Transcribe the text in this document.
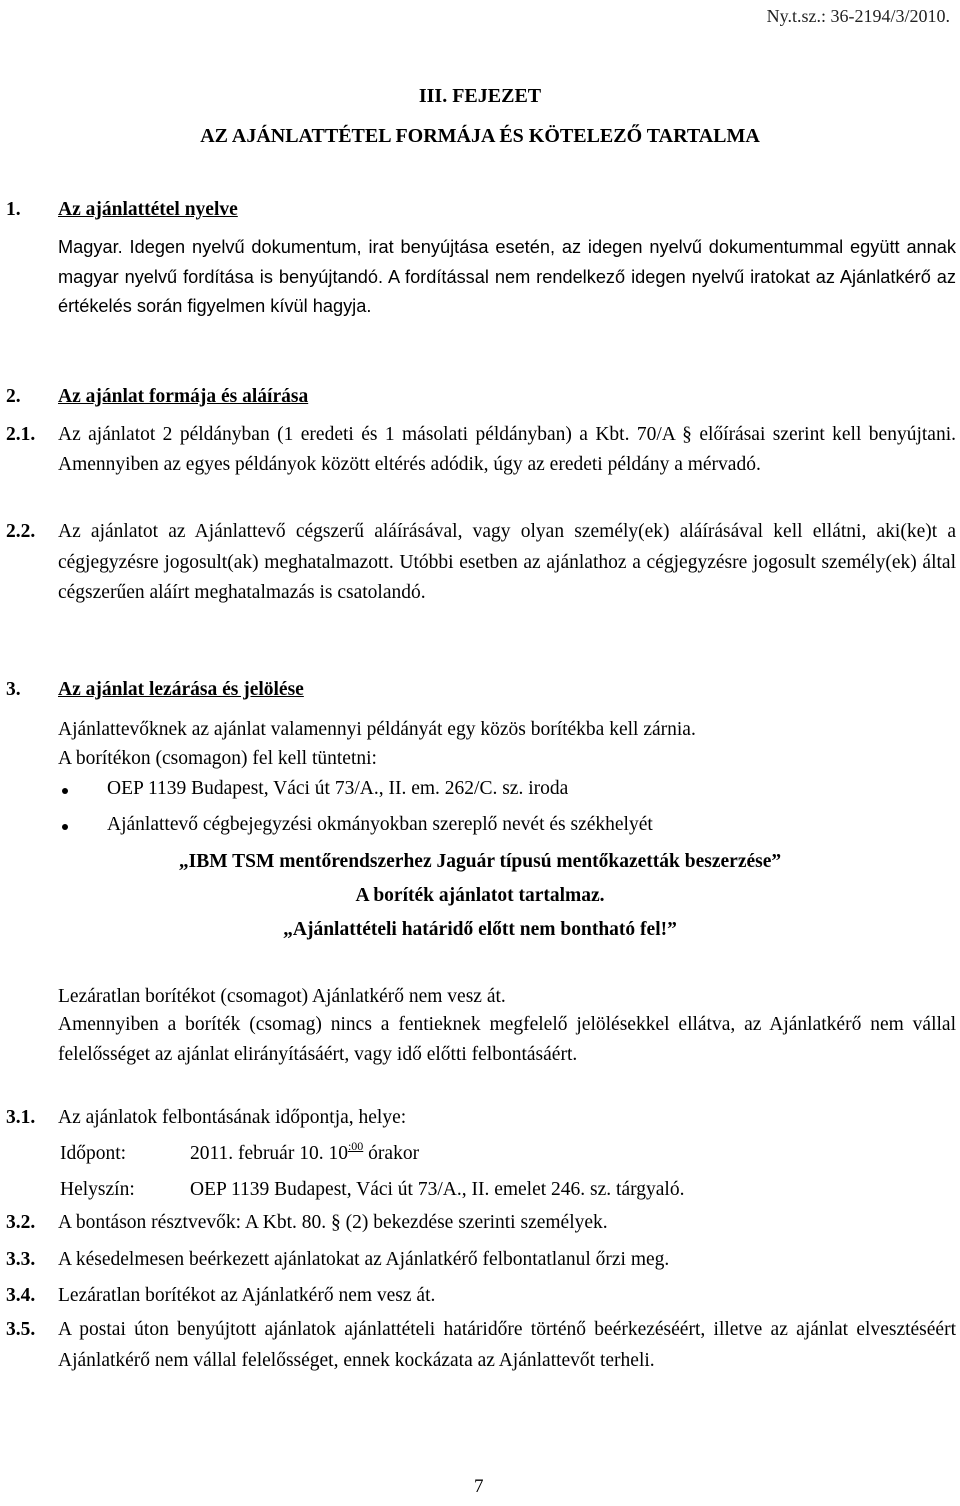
Ny.t.sz.: 36-2194/3/2010.
III. FEJEZET
AZ AJÁNLATTÉTEL FORMÁJA ÉS KÖTELEZŐ TARTALMA
1. Az ajánlattétel nyelve
Magyar. Idegen nyelvű dokumentum, irat benyújtása esetén, az idegen nyelvű dokumentummal együtt annak magyar nyelvű fordítása is benyújtandó. A fordítással nem rendelkező idegen nyelvű iratokat az Ajánlatkérő az értékelés során figyelmen kívül hagyja.
2. Az ajánlat formája és aláírása
2.1. Az ajánlatot 2 példányban (1 eredeti és 1 másolati példányban) a Kbt. 70/A § előírásai szerint kell benyújtani. Amennyiben az egyes példányok között eltérés adódik, úgy az eredeti példány a mérvadó.
2.2. Az ajánlatot az Ajánlattevő cégszerű aláírásával, vagy olyan személy(ek) aláírásával kell ellátni, aki(ke)t a cégjegyzésre jogosult(ak) meghatalmazott. Utóbbi esetben az ajánlathoz a cégjegyzésre jogosult személy(ek) által cégszerűen aláírt meghatalmazás is csatolandó.
3. Az ajánlat lezárása és jelölése
Ajánlattevőknek az ajánlat valamennyi példányát egy közös borítékba kell zárnia.
A borítékon (csomagon) fel kell tüntetni:
OEP 1139 Budapest, Váci út 73/A., II. em. 262/C. sz. iroda
Ajánlattevő cégbejegyzési okmányokban szereplő nevét és székhelyét
„IBM TSM mentőrendszerhez Jaguár típusú mentőkazetták beszerzése”
A boríték ajánlatot tartalmaz.
„Ajánlattételi határidő előtt nem bontható fel!”
Lezáratlan borítékot (csomagot) Ajánlatkérő nem vesz át.
Amennyiben a boríték (csomag) nincs a fentieknek megfelelő jelölésekkel ellátva, az Ajánlatkérő nem vállal felelősséget az ajánlat elirányításáért, vagy idő előtti felbontásáért.
3.1. Az ajánlatok felbontásának időpontja, helye:
Időpont:	2011. február 10. $10^{:00}$ órakor
Helyszín:	OEP 1139 Budapest, Váci út 73/A., II. emelet 246. sz. tárgyaló.
3.2. A bontáson résztvevők: A Kbt. 80. § (2) bekezdése szerinti személyek.
3.3. A késedelmesen beérkezett ajánlatokat az Ajánlatkérő felbontatlanul őrzi meg.
3.4. Lezáratlan borítékot az Ajánlatkérő nem vesz át.
3.5. A postai úton benyújtott ajánlatok ajánlattételi határidőre történő beérkezéséért, illetve az ajánlat elvesztéséért Ajánlatkérő nem vállal felelősséget, ennek kockázata az Ajánlattevőt terheli.
7
